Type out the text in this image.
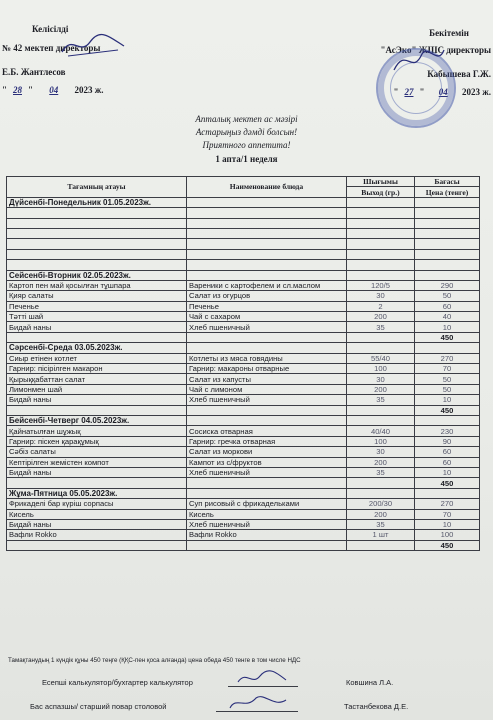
Келісілді
№ 42 мектеп директоры
Е.Б. Жантлесов
" 28 " 04 2023 ж.
Бекітемін
"АсЭко" ЖШС директоры
Кабышева Г.Ж.
" 27 " 04 2023 ж.
Апталық мектеп ас мәзірі
Астарыңыз дәмді болсын!
Приятного аппетита!
1 апта/1 неделя
Тағамның атауы	Наименование блюда	Шығымы	Бағасы
		Выход (гр.)	Цена (тенге)
Дүйсенбі-Понедельник 01.05.2023ж.			

Сейсенбі-Вторник 02.05.2023ж.			
Картоп пен май қосылған тұшпара	Вареники с картофелем и сл.маслом	120/5	290
Қияр салаты	Салат из огурцов	30	50
Печенье	Печенье	2	60
Тәтті шай	Чай с сахаром	200	40
Бидай наны	Хлеб пшеничный	35	10
			450
Сәрсенбі-Среда 03.05.2023ж.			
Сиыр етінен котлет	Котлеты из мяса говядины	55/40	270
Гарнир: пісірілген макарон	Гарнир: макароны отварные	100	70
Қырыққабаттан салат	Салат из капусты	30	50
Лимонмен шай	Чай с лимоном	200	50
Бидай наны	Хлеб пшеничный	35	10
			450
Бейсенбі-Четверг 04.05.2023ж.			
Қайнатылған шұжық	Сосиска отварная	40/40	230
Гарнир: піскен қарақұмық	Гарнир: гречка отварная	100	90
Сәбіз салаты	Салат из моркови	30	60
Кептірілген жемістен компот	Кампот из с/фруктов	200	60
Бидай наны	Хлеб пшеничный	35	10
			450
Жұма-Пятница 05.05.2023ж.			
Фрикаделі бар күріш сорпасы	Суп рисовый с фрикадельками	200/30	270
Кисель	Кисель	200	70
Бидай наны	Хлеб пшеничный	35	10
Вафли Rokko	Вафли Rokko	1 шт	100
			450
Тамақтанудың 1 күндік құны 450 теңге (ҚҚС-пен қоса алғанда) цена обеда 450 тенге в том числе НДС
Есепші калькулятор/бухгартер калькулятор	Ковшина Л.А.
Бас аспазшы/ старший повар столовой	Тастанбекова Д.Е.
